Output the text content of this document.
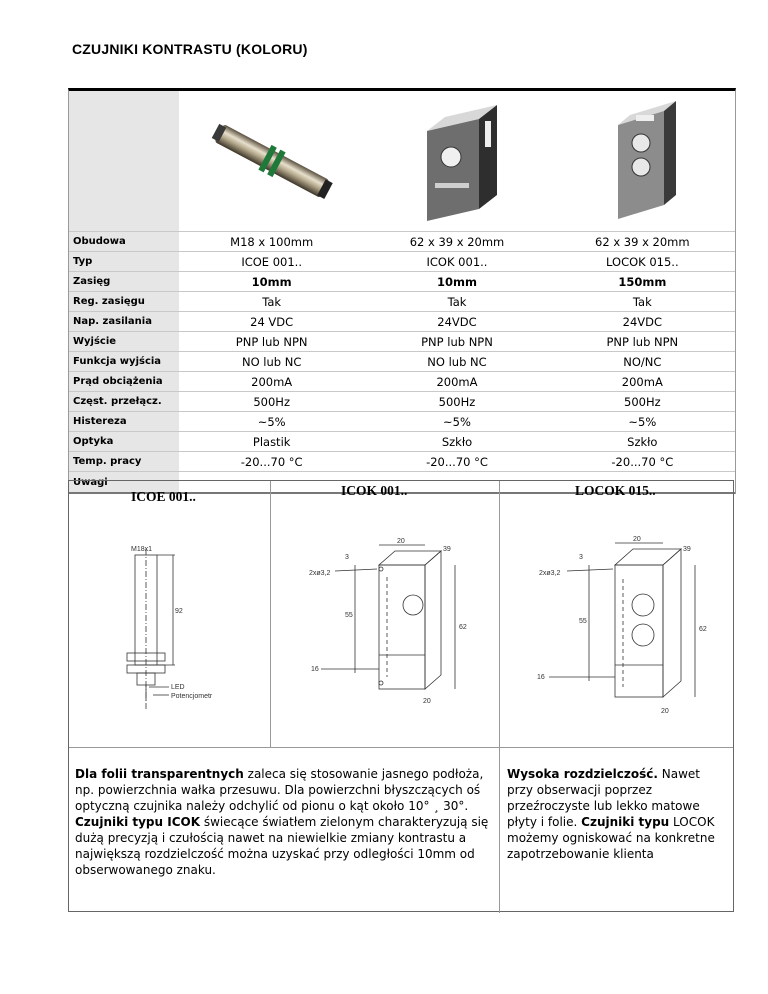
CZUJNIKI KONTRASTU (KOLORU)
Obudowa	M18 x 100mm	62 x 39 x 20mm	62 x 39 x 20mm
Typ	ICOE 001..	ICOK 001..	LOCOK 015..
Zasięg	10mm	10mm	150mm
Reg. zasięgu	Tak	Tak	Tak
Nap. zasilania	24 VDC	24VDC	24VDC
Wyjście	PNP lub NPN	PNP lub NPN	PNP lub NPN
Funkcja wyjścia	NO lub NC	NO lub NC	NO/NC
Prąd obciążenia	200mA	200mA	200mA
Częst. przełącz.	500Hz	500Hz	500Hz
Histereza	~5%	~5%	~5%
Optyka	Plastik	Szkło	Szkło
Temp. pracy	-20...70 °C	-20...70 °C	-20...70 °C
Uwagi
ICOE 001..	ICOK 001..	LOCOK 015..
M18x1
92
LED
Potencjometr
20
39
2xø3,2
3
55
62
16
20
20
39
2xø3,2
3
55
62
16
20
Dla folii transparentnych zaleca się stosowanie jasnego podłoża, np. powierzchnia wałka przesuwu. Dla powierzchni błyszczących oś optyczną czujnika należy odchylić od pionu o kąt około 10° ¸ 30°. Czujniki typu ICOK świecące światłem zielonym charakteryzują się dużą precyzją i czułością nawet na niewielkie zmiany kontrastu a największą rozdzielczość można uzyskać przy odległości 10mm od obserwowanego znaku.
Wysoka rozdzielczość. Nawet przy obserwacji poprzez przeźroczyste lub lekko matowe płyty i folie. Czujniki typu LOCOK możemy ogniskować na konkretne zapotrzebowanie klienta
